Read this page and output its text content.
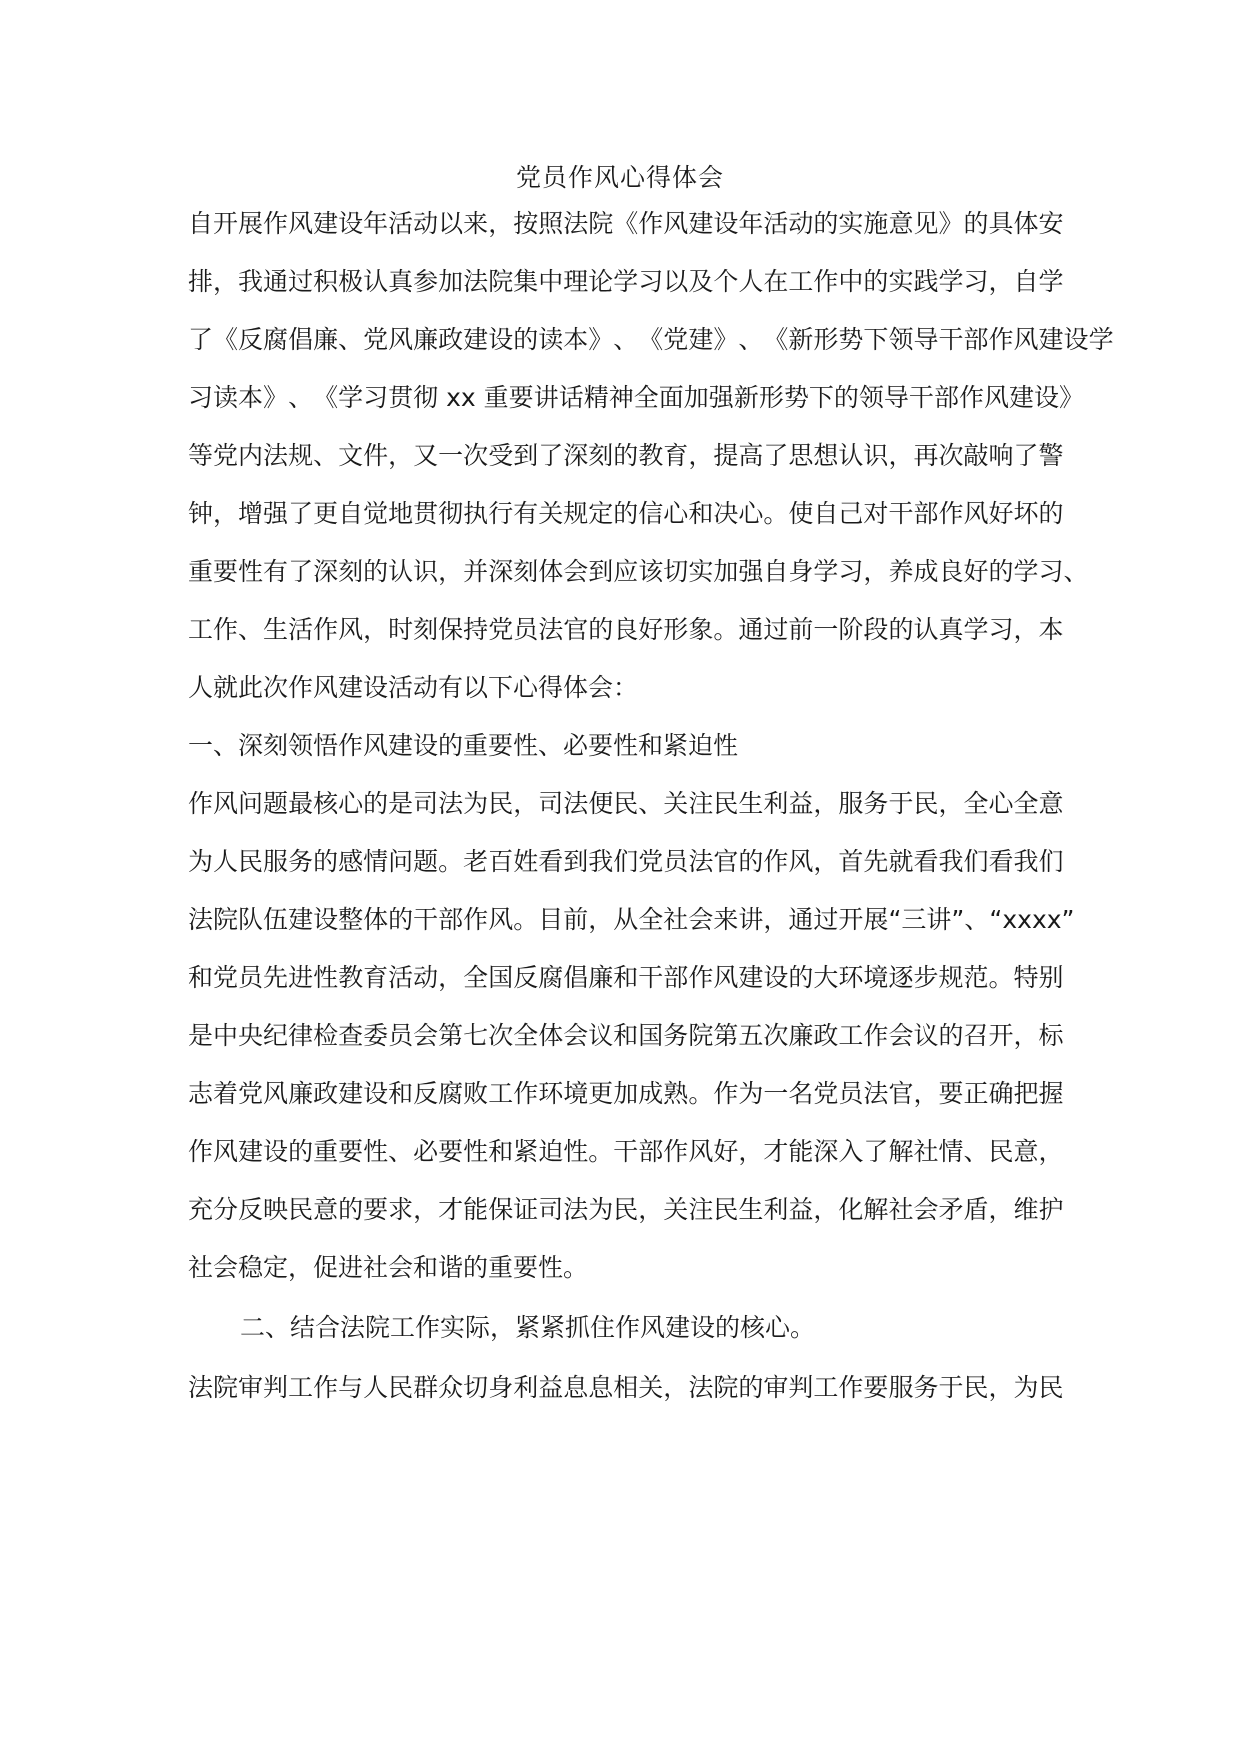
党员作风心得体会
自 开 展 作 风 建 设 年 活 动 以 来 ， 按 照 法 院 《 作 风 建 设 年 活 动 的 实 施 意 见 》 的 具 体 安
排 ， 我 通 过 积 极 认 真 参 加 法 院 集 中 理 论 学 习 以 及 个 人 在 工 作 中 的 实 践 学 习 ， 自 学
了 《 反 腐 倡 廉 、 党 风 廉 政 建 设 的 读 本 》 、 《 党 建 》 、 《 新 形 势 下 领 导 干 部 作 风 建 设 学
习 读 本 》 、 《 学 习 贯 彻
x x
重 要 讲 话 精 神 全 面 加 强 新 形 势 下 的 领 导 干 部 作 风 建 设 》
等 党 内 法 规 、 文 件 ， 又 一 次 受 到 了 深 刻 的 教 育 ， 提 高 了 思 想 认 识 ， 再 次 敲 响 了 警
钟 ， 增 强 了 更 自 觉 地 贯 彻 执 行 有 关 规 定 的 信 心 和 决 心 。 使 自 己 对 干 部 作 风 好 坏 的
重 要 性 有 了 深 刻 的 认 识 ， 并 深 刻 体 会 到 应 该 切 实 加 强 自 身 学 习 ， 养 成 良 好 的 学 习 、
工 作 、 生 活 作 风 ， 时 刻 保 持 党 员 法 官 的 良 好 形 象 。 通 过 前 一 阶 段 的 认 真 学 习 ， 本
人就此次作风建设活动有以下心得体会：
一、深刻领悟作风建设的重要性、必要性和紧迫性
作 风 问 题 最 核 心 的 是 司 法 为 民 ， 司 法 便 民 、 关 注 民 生 利 益 ， 服 务 于 民 ， 全 心 全 意
为 人 民 服 务 的 感 情 问 题 。 老 百 姓 看 到 我 们 党 员 法 官 的 作 风 ， 首 先 就 看 我 们 看 我 们
法 院 队 伍 建 设 整 体 的 干 部 作 风 。 目 前 ， 从 全 社 会 来 讲 ， 通 过 开 展 “ 三 讲 ” 、 “ x x x x ”
和 党 员 先 进 性 教 育 活 动 ， 全 国 反 腐 倡 廉 和 干 部 作 风 建 设 的 大 环 境 逐 步 规 范 。 特 别
是 中 央 纪 律 检 查 委 员 会 第 七 次 全 体 会 议 和 国 务 院 第 五 次 廉 政 工 作 会 议 的 召 开 ， 标
志 着 党 风 廉 政 建 设 和 反 腐 败 工 作 环 境 更 加 成 熟 。 作 为 一 名 党 员 法 官 ， 要 正 确 把 握
作 风 建 设 的 重 要 性 、 必 要 性 和 紧 迫 性 。 干 部 作 风 好 ， 才 能 深 入 了 解 社 情 、 民 意 ，
充 分 反 映 民 意 的 要 求 ， 才 能 保 证 司 法 为 民 ， 关 注 民 生 利 益 ， 化 解 社 会 矛 盾 ， 维 护
社会稳定，促进社会和谐的重要性。
二、结合法院工作实际，紧紧抓住作风建设的核心。
法 院 审 判 工 作 与 人 民 群 众 切 身 利 益 息 息 相 关 ， 法 院 的 审 判 工 作 要 服 务 于 民 ， 为 民
